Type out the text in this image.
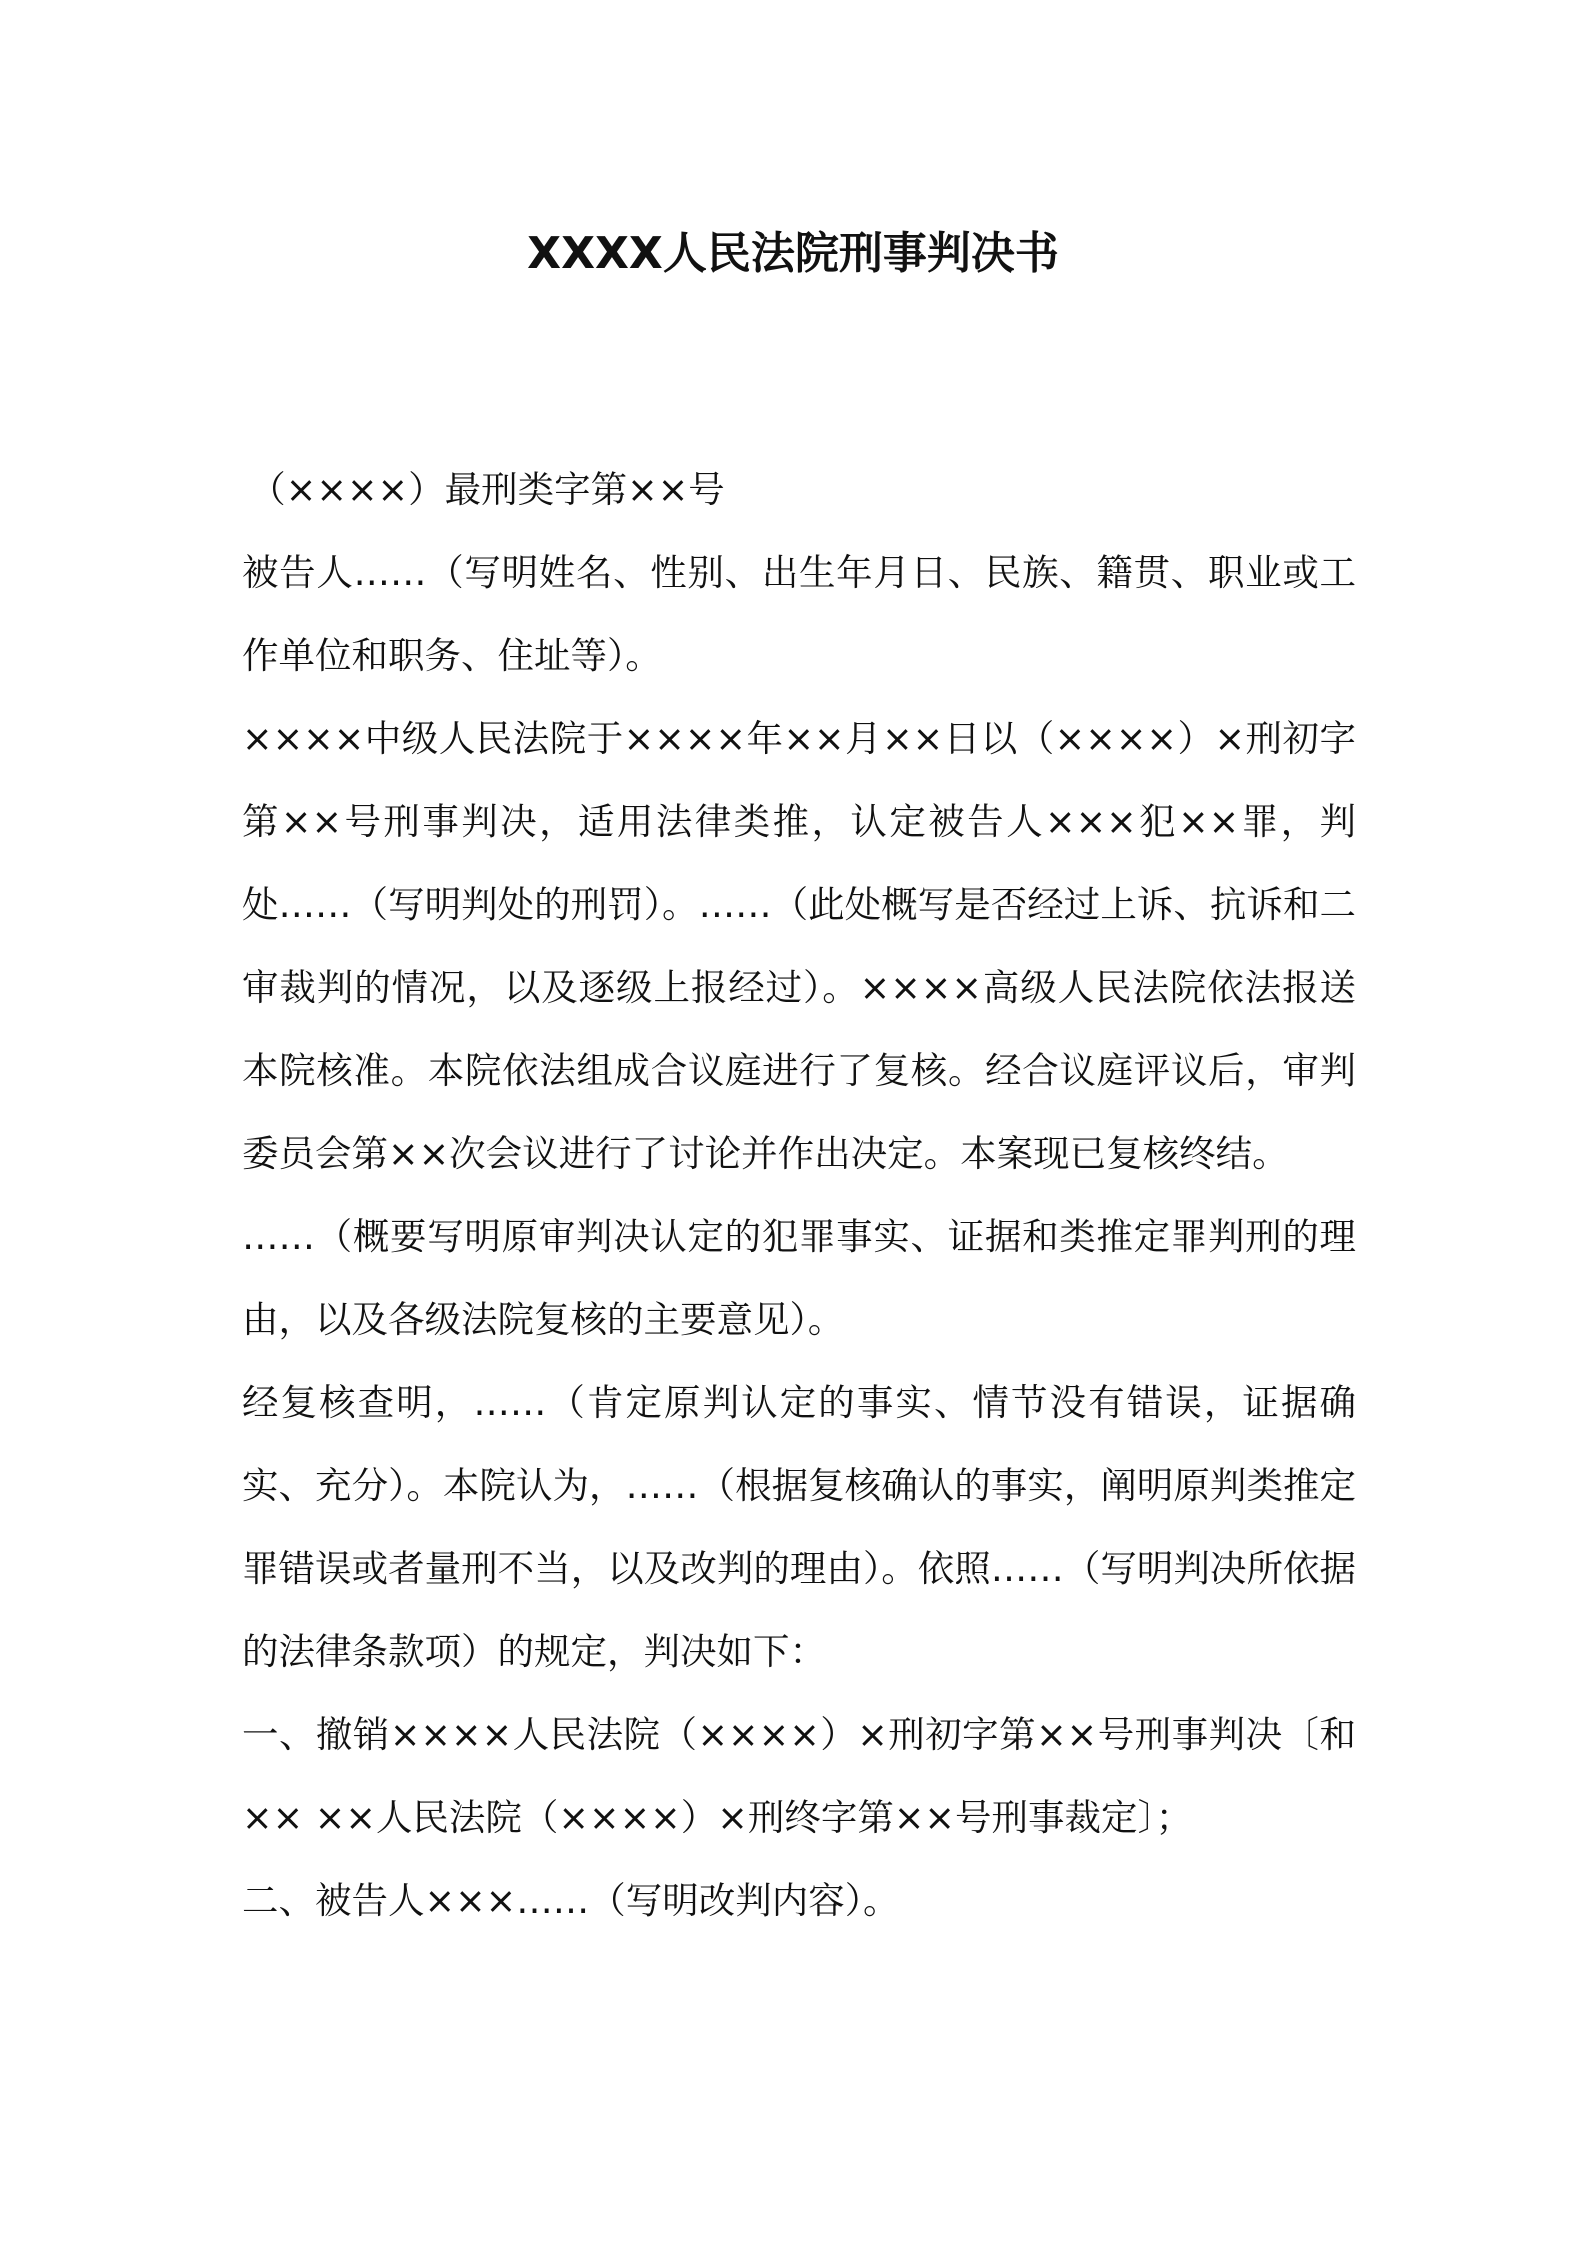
XXXX人民法院刑事判决书

（××××）最刑类字第××号

被告人……（写明姓名、性别、出生年月日、民族、籍贯、职业或工作单位和职务、住址等）。

××××中级人民法院于××××年××月××日以（××××）×刑初字第××号刑事判决，适用法律类推，认定被告人×××犯××罪，判处……（写明判处的刑罚）。……（此处概写是否经过上诉、抗诉和二审裁判的情况，以及逐级上报经过）。××××高级人民法院依法报送本院核准。本院依法组成合议庭进行了复核。经合议庭评议后，审判委员会第××次会议进行了讨论并作出决定。本案现已复核终结。

……（概要写明原审判决认定的犯罪事实、证据和类推定罪判刑的理由，以及各级法院复核的主要意见）。

经复核查明，……（肯定原判认定的事实、情节没有错误，证据确实、充分）。本院认为，……（根据复核确认的事实，阐明原判类推定罪错误或者量刑不当，以及改判的理由）。依照……（写明判决所依据的法律条款项）的规定，判决如下：

一、撤销××××人民法院（××××）×刑初字第××号刑事判决〔和×× ××人民法院（××××）×刑终字第××号刑事裁定〕；

二、被告人×××……（写明改判内容）。
